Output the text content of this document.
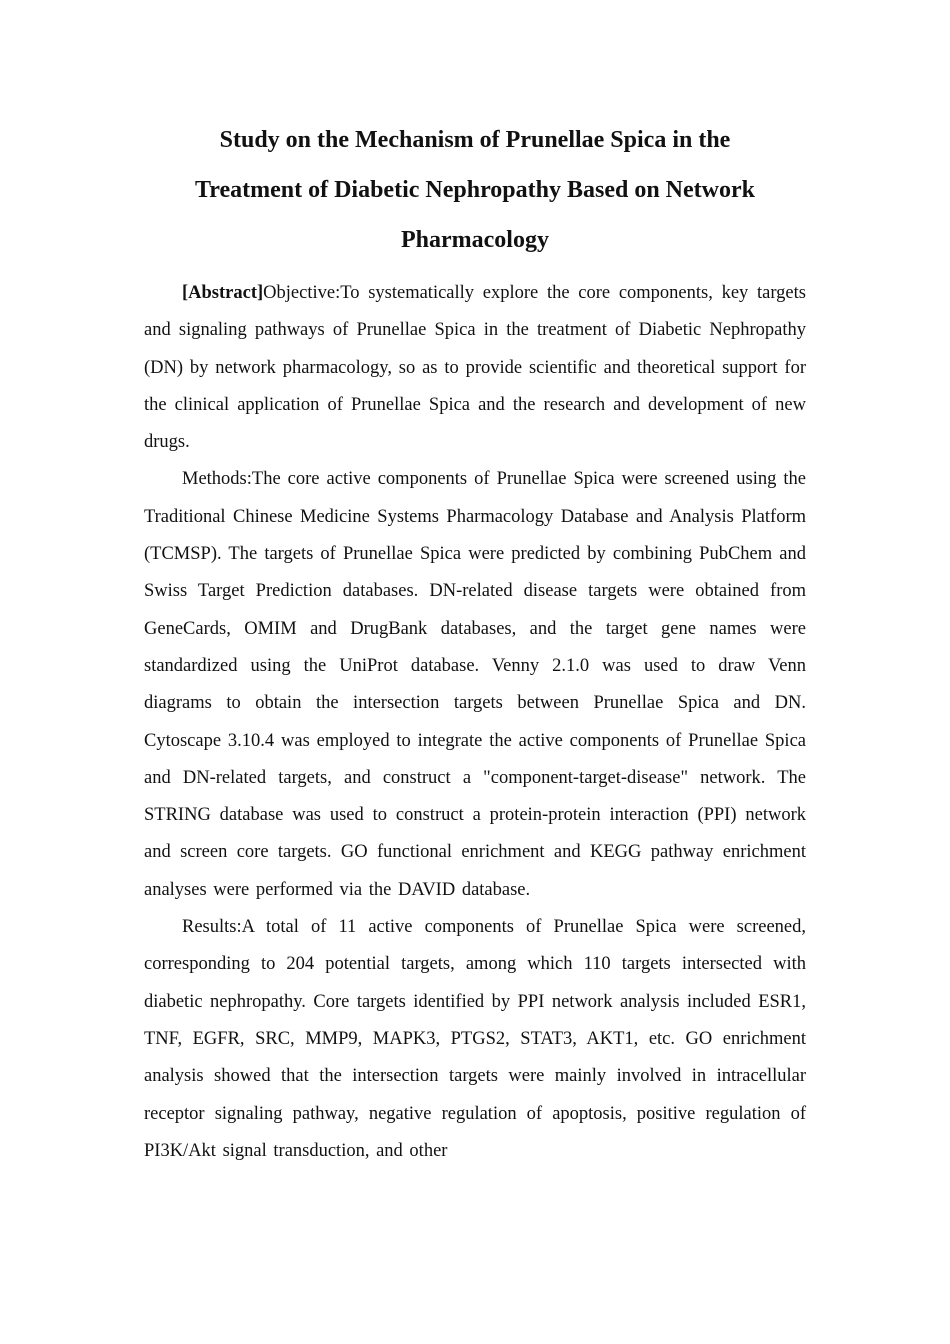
Study on the Mechanism of Prunellae Spica in the
Treatment of Diabetic Nephropathy Based on Network
Pharmacology

[Abstract]Objective:To systematically explore the core components, key targets and signaling pathways of Prunellae Spica in the treatment of Diabetic Nephropathy (DN) by network pharmacology, so as to provide scientific and theoretical support for the clinical application of Prunellae Spica and the research and development of new drugs.

Methods:The core active components of Prunellae Spica were screened using the Traditional Chinese Medicine Systems Pharmacology Database and Analysis Platform (TCMSP). The targets of Prunellae Spica were predicted by combining PubChem and Swiss Target Prediction databases. DN-related disease targets were obtained from GeneCards, OMIM and DrugBank databases, and the target gene names were standardized using the UniProt database. Venny 2.1.0 was used to draw Venn diagrams to obtain the intersection targets between Prunellae Spica and DN. Cytoscape 3.10.4 was employed to integrate the active components of Prunellae Spica and DN-related targets, and construct a "component-target-disease" network. The STRING database was used to construct a protein-protein interaction (PPI) network and screen core targets. GO functional enrichment and KEGG pathway enrichment analyses were performed via the DAVID database.

Results:A total of 11 active components of Prunellae Spica were screened, corresponding to 204 potential targets, among which 110 targets intersected with diabetic nephropathy. Core targets identified by PPI network analysis included ESR1, TNF, EGFR, SRC, MMP9, MAPK3, PTGS2, STAT3, AKT1, etc. GO enrichment analysis showed that the intersection targets were mainly involved in intracellular receptor signaling pathway, negative regulation of apoptosis, positive regulation of PI3K/Akt signal transduction, and other
